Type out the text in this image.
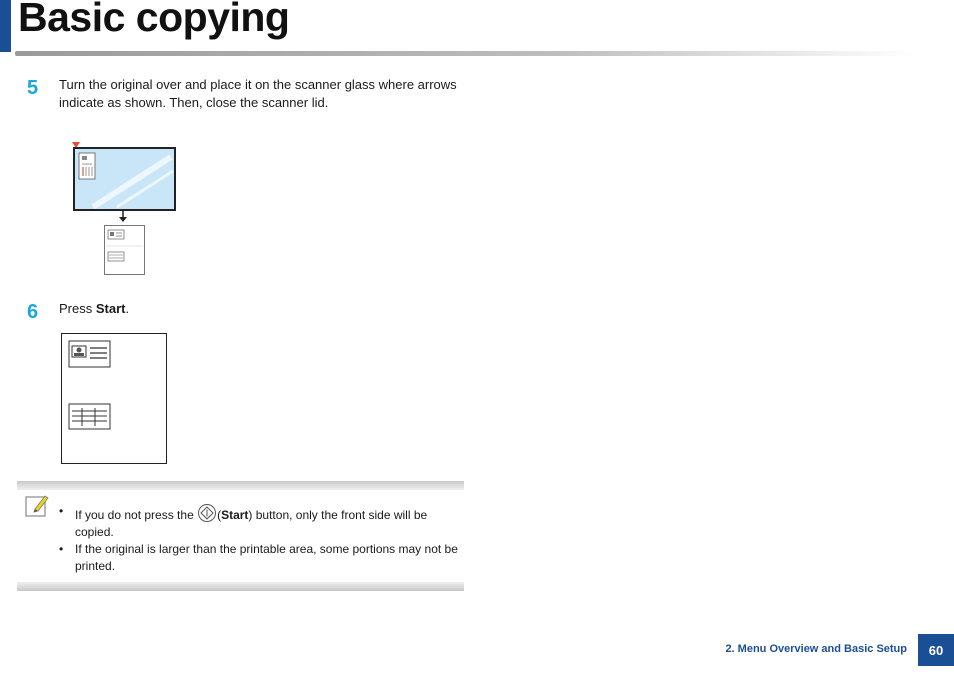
Basic copying
5 Turn the original over and place it on the scanner glass where arrows
indicate as shown. Then, close the scanner lid.
6 Press Start.
• If you do not press the (Start) button, only the front side will be
copied.
• If the original is larger than the printable area, some portions may not be
printed.
2. Menu Overview and Basic Setup	60
